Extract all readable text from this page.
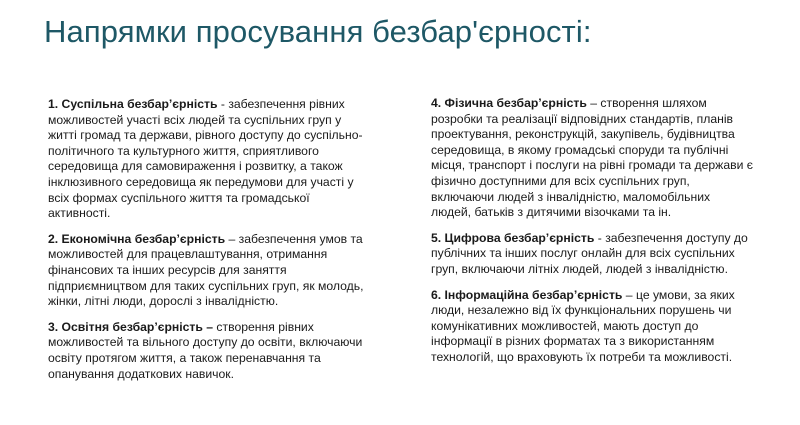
Напрямки просування безбар'єрності:

1. Суспільна безбар’єрність - забезпечення рівних можливостей участі всіх людей та суспільних груп у житті громад та держави, рівного доступу до суспільно-політичного та культурного життя, сприятливого середовища для самовираження і розвитку, а також інклюзивного середовища як передумови для участі у всіх формах суспільного життя та громадської активності.

2. Економічна безбар’єрність – забезпечення умов та можливостей для працевлаштування, отримання фінансових та інших ресурсів для заняття підприємництвом для таких суспільних груп, як молодь, жінки, літні люди, дорослі з інвалідністю.

3. Освітня безбар’єрність – створення рівних можливостей та вільного доступу до освіти, включаючи освіту протягом життя, а також перенавчання та опанування додаткових навичок.

4. Фізична безбар’єрність – створення шляхом розробки та реалізації відповідних стандартів, планів проектування, реконструкцій, закупівель, будівництва середовища, в якому громадські споруди та публічні місця, транспорт і послуги на рівні громади та держави є фізично доступними для всіх суспільних груп, включаючи людей з інвалідністю, маломобільних людей, батьків з дитячими візочками та ін.

5. Цифрова безбар’єрність - забезпечення доступу до публічних та інших послуг онлайн для всіх суспільних груп, включаючи літніх людей, людей з інвалідністю.

6. Інформаційна безбар’єрність – це умови, за яких люди, незалежно від їх функціональних порушень чи комунікативних можливостей, мають доступ до інформації в різних форматах та з використанням технологій, що враховують їх потреби та можливості.
